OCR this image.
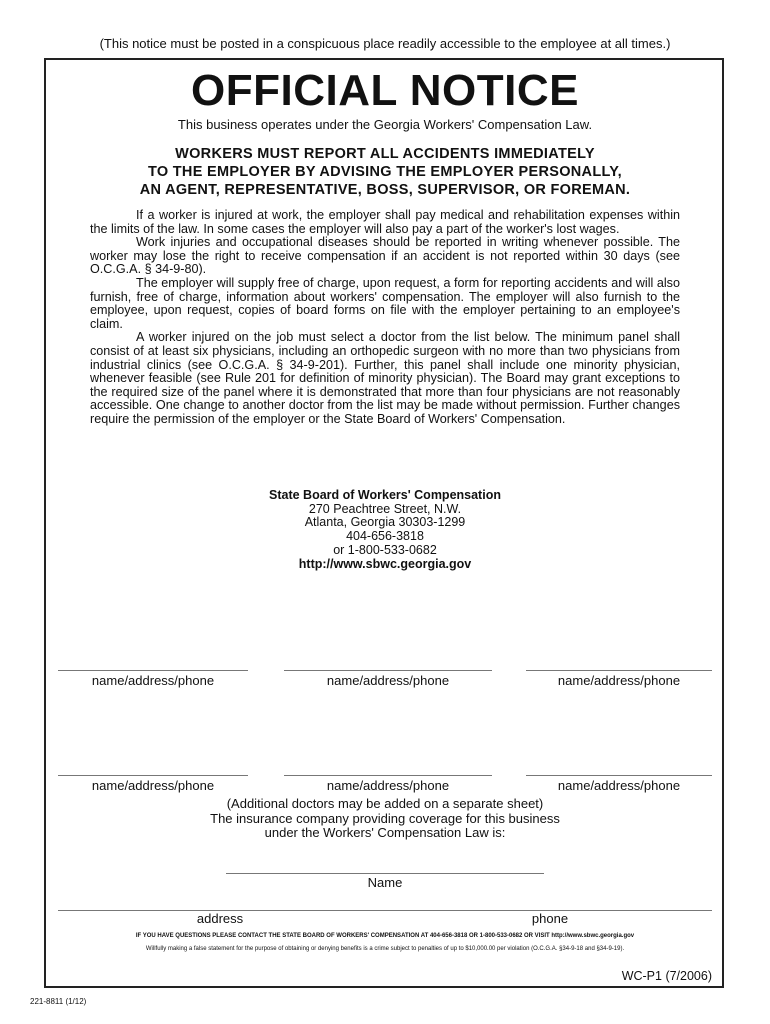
(This notice must be posted in a conspicuous place readily accessible to the employee at all times.)
OFFICIAL NOTICE
This business operates under the Georgia Workers' Compensation Law.
WORKERS MUST REPORT ALL ACCIDENTS IMMEDIATELY
TO THE EMPLOYER BY ADVISING THE EMPLOYER PERSONALLY,
AN AGENT, REPRESENTATIVE, BOSS, SUPERVISOR, OR FOREMAN.

If a worker is injured at work, the employer shall pay medical and rehabilitation expenses within the limits of the law. In some cases the employer will also pay a part of the worker's lost wages.

Work injuries and occupational diseases should be reported in writing whenever possible. The worker may lose the right to receive compensation if an accident is not reported within 30 days (see O.C.G.A. § 34-9-80).

The employer will supply free of charge, upon request, a form for reporting accidents and will also furnish, free of charge, information about workers' compensation. The employer will also furnish to the employee, upon request, copies of board forms on file with the employer pertaining to an employee's claim.

A worker injured on the job must select a doctor from the list below. The minimum panel shall consist of at least six physicians, including an orthopedic surgeon with no more than two physicians from industrial clinics (see O.C.G.A. § 34-9-201). Further, this panel shall include one minority physician, whenever feasible (see Rule 201 for definition of minority physician). The Board may grant exceptions to the required size of the panel where it is demonstrated that more than four physicians are not reasonably accessible. One change to another doctor from the list may be made without permission. Further changes require the permission of the employer or the State Board of Workers' Compensation.

State Board of Workers' Compensation
270 Peachtree Street, N.W.
Atlanta, Georgia 30303-1299
404-656-3818
or 1-800-533-0682
http://www.sbwc.georgia.gov
name/address/phone	name/address/phone	name/address/phone
name/address/phone	name/address/phone	name/address/phone
(Additional doctors may be added on a separate sheet)
The insurance company providing coverage for this business
under the Workers' Compensation Law is:
Name
address	phone
IF YOU HAVE QUESTIONS PLEASE CONTACT THE STATE BOARD OF WORKERS' COMPENSATION AT 404-656-3818 OR 1-800-533-0682 OR VISIT http://www.sbwc.georgia.gov
Willfully making a false statement for the purpose of obtaining or denying benefits is a crime subject to penalties of up to $10,000.00 per violation (O.C.G.A. §34-9-18 and §34-9-19).
WC-P1 (7/2006)
221-8811 (1/12)
